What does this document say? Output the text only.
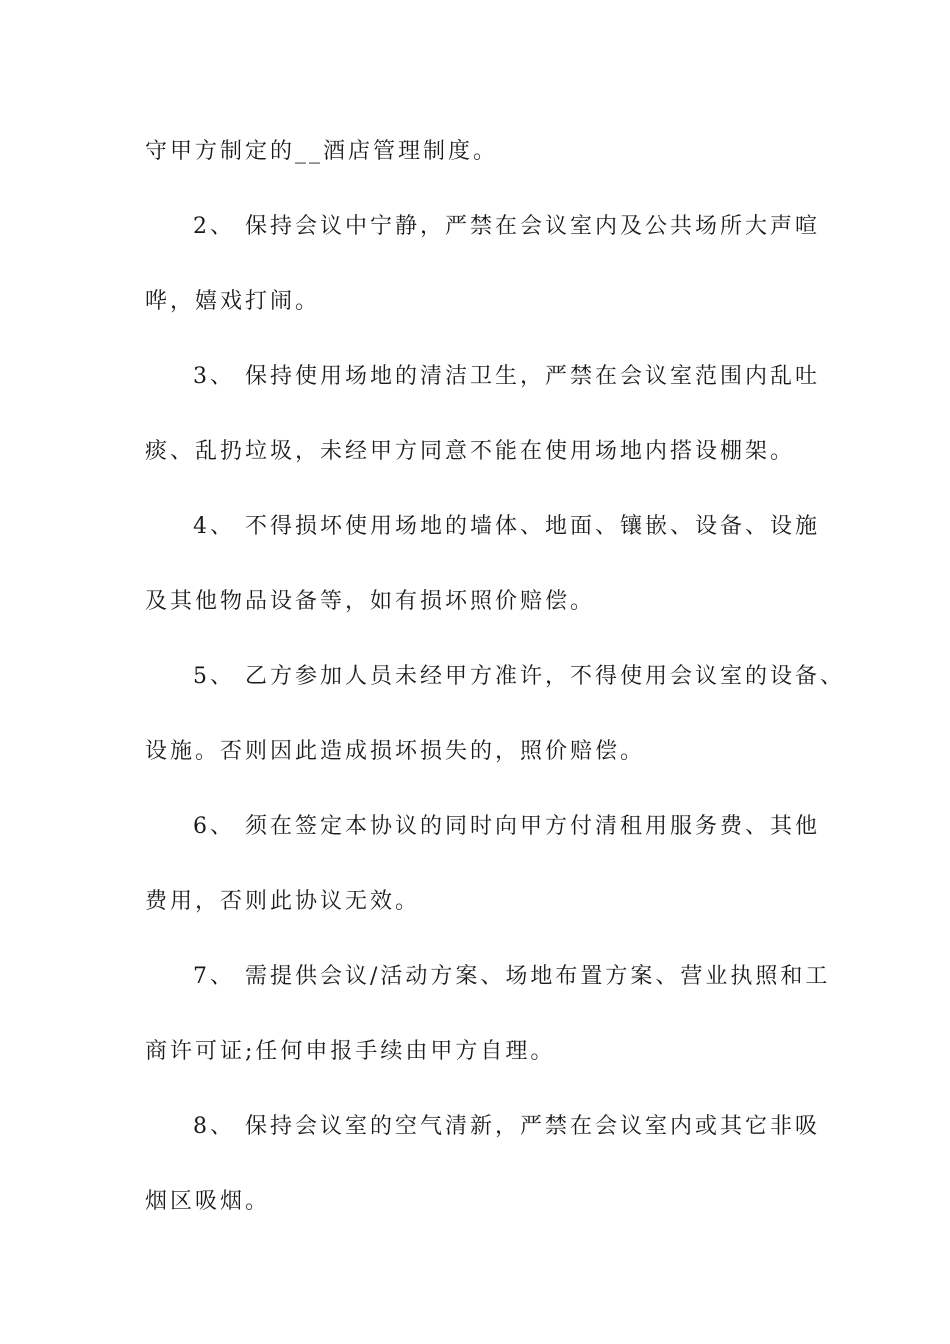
守甲方制定的__酒店管理制度。
2、 保持会议中宁静，严禁在会议室内及公共场所大声喧
哗，嬉戏打闹。
3、 保持使用场地的清洁卫生，严禁在会议室范围内乱吐
痰、乱扔垃圾，未经甲方同意不能在使用场地内搭设棚架。
4、 不得损坏使用场地的墙体、地面、镶嵌、设备、设施
及其他物品设备等，如有损坏照价赔偿。
5、 乙方参加人员未经甲方准许，不得使用会议室的设备、
设施。否则因此造成损坏损失的，照价赔偿。
6、 须在签定本协议的同时向甲方付清租用服务费、其他
费用，否则此协议无效。
7、 需提供会议/活动方案、场地布置方案、营业执照和工
商许可证;任何申报手续由甲方自理。
8、 保持会议室的空气清新，严禁在会议室内或其它非吸
烟区吸烟。
